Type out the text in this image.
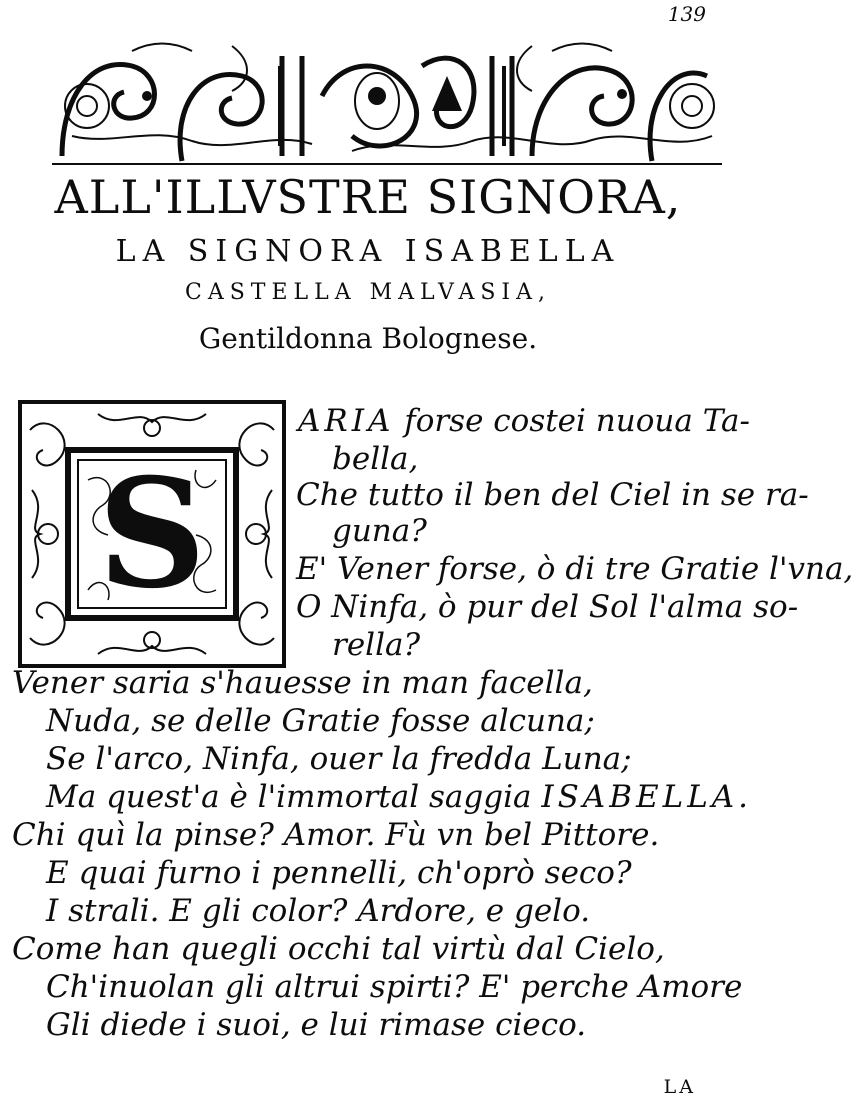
139
ALL'ILLVSTRE SIGNORA,
LA SIGNORA ISABELLA
CASTELLA MALVASIA,
Gentildonna Bolognese.
S
ARIA forse costei nuoua Ta-
bella,
Che tutto il ben del Ciel in se ra-
guna?
E' Vener forse, ò di tre Gratie l'vna,
O Ninfa, ò pur del Sol l'alma so-
rella?
Vener saria s'hauesse in man facella,
Nuda, se delle Gratie fosse alcuna;
Se l'arco, Ninfa, ouer la fredda Luna;
Ma quest'a è l'immortal saggia ISABELLA.
Chi quì la pinse? Amor. Fù vn bel Pittore.
E quai furno i pennelli, ch'oprò seco?
I strali. E gli color? Ardore, e gelo.
Come han quegli occhi tal virtù dal Cielo,
Ch'inuolan gli altrui spirti? E' perche Amore
Gli diede i suoi, e lui rimase cieco.
LA
